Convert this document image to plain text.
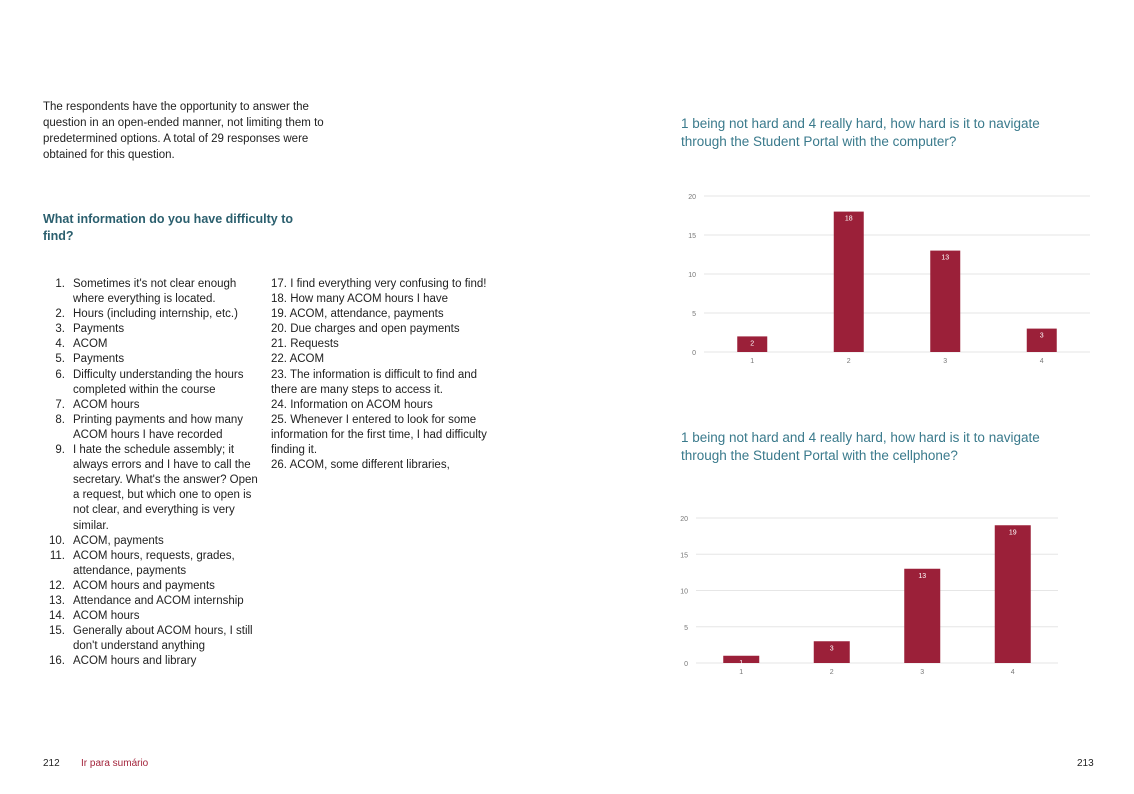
The respondents have the opportunity to answer the question in an open-ended manner, not limiting them to predetermined options. A total of 29 responses were obtained for this question.
What information do you have difficulty to find?
1. Sometimes it's not clear enough where everything is located.
2. Hours (including internship, etc.)
3. Payments
4. ACOM
5. Payments
6. Difficulty understanding the hours completed within the course
7. ACOM hours
8. Printing payments and how many ACOM hours I have recorded
9. I hate the schedule assembly; it always errors and I have to call the secretary. What's the answer? Open a request, but which one to open is not clear, and everything is very similar.
10. ACOM, payments
11. ACOM hours, requests, grades, attendance, payments
12. ACOM hours and payments
13. Attendance and ACOM internship
14. ACOM hours
15. Generally about ACOM hours, I still don't understand anything
16. ACOM hours and library
17. I find everything very confusing to find!
18. How many ACOM hours I have
19. ACOM, attendance, payments
20. Due charges and open payments
21. Requests
22. ACOM
23. The information is difficult to find and there are many steps to access it.
24. Information on ACOM hours
25. Whenever I entered to look for some information for the first time, I had difficulty finding it.
26. ACOM, some different libraries,
212 Ir para sumário
1 being not hard and 4 really hard, how hard is it to navigate through the Student Portal with the computer?
0
5
10
15
20
2
1
18
2
13
3
3
4
1 being not hard and 4 really hard, how hard is it to navigate through the Student Portal with the cellphone?
0
5
10
15
20
1
1
3
2
13
3
19
4
213
